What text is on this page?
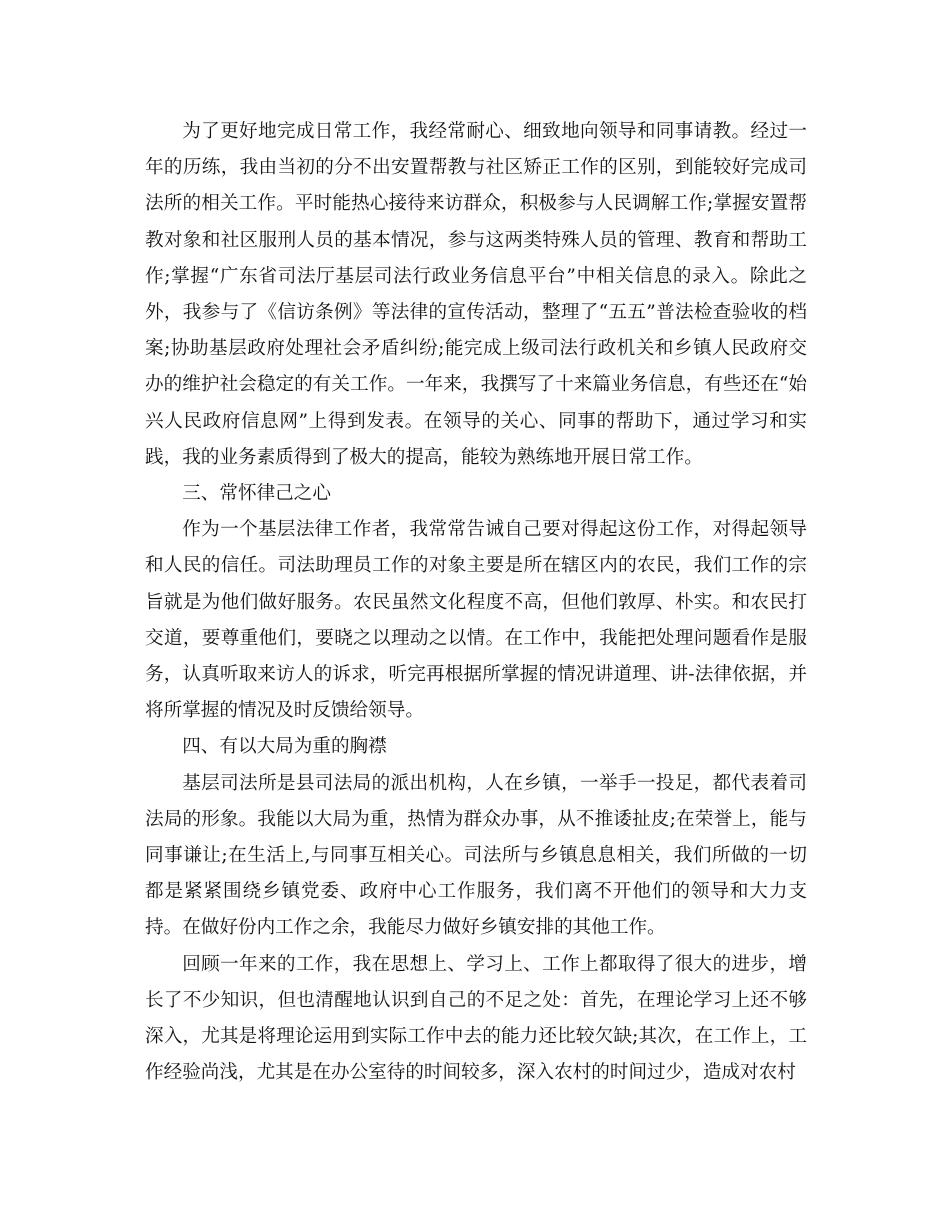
为了更好地完成日常工作，我经常耐心、细致地向领导和同事请教。经过一年的历练，我由当初的分不出安置帮教与社区矫正工作的区别，到能较好完成司法所的相关工作。平时能热心接待来访群众，积极参与人民调解工作;掌握安置帮教对象和社区服刑人员的基本情况，参与这两类特殊人员的管理、教育和帮助工作;掌握“广东省司法厅基层司法行政业务信息平台”中相关信息的录入。除此之外，我参与了《信访条例》等法律的宣传活动，整理了“五五”普法检查验收的档案;协助基层政府处理社会矛盾纠纷;能完成上级司法行政机关和乡镇人民政府交办的维护社会稳定的有关工作。一年来，我撰写了十来篇业务信息，有些还在“始兴人民政府信息网”上得到发表。在领导的关心、同事的帮助下，通过学习和实践，我的业务素质得到了极大的提高，能较为熟练地开展日常工作。

三、常怀律己之心

作为一个基层法律工作者，我常常告诫自己要对得起这份工作，对得起领导和人民的信任。司法助理员工作的对象主要是所在辖区内的农民，我们工作的宗旨就是为他们做好服务。农民虽然文化程度不高，但他们敦厚、朴实。和农民打交道，要尊重他们，要晓之以理动之以情。在工作中，我能把处理问题看作是服务，认真听取来访人的诉求，听完再根据所掌握的情况讲道理、讲-法律依据，并将所掌握的情况及时反馈给领导。

四、有以大局为重的胸襟

基层司法所是县司法局的派出机构，人在乡镇，一举手一投足，都代表着司法局的形象。我能以大局为重，热情为群众办事，从不推诿扯皮;在荣誉上，能与同事谦让;在生活上,与同事互相关心。司法所与乡镇息息相关，我们所做的一切都是紧紧围绕乡镇党委、政府中心工作服务，我们离不开他们的领导和大力支持。在做好份内工作之余，我能尽力做好乡镇安排的其他工作。

回顾一年来的工作，我在思想上、学习上、工作上都取得了很大的进步，增长了不少知识，但也清醒地认识到自己的不足之处：首先，在理论学习上还不够深入，尤其是将理论运用到实际工作中去的能力还比较欠缺;其次，在工作上，工作经验尚浅，尤其是在办公室待的时间较多，深入农村的时间过少，造成对农村
